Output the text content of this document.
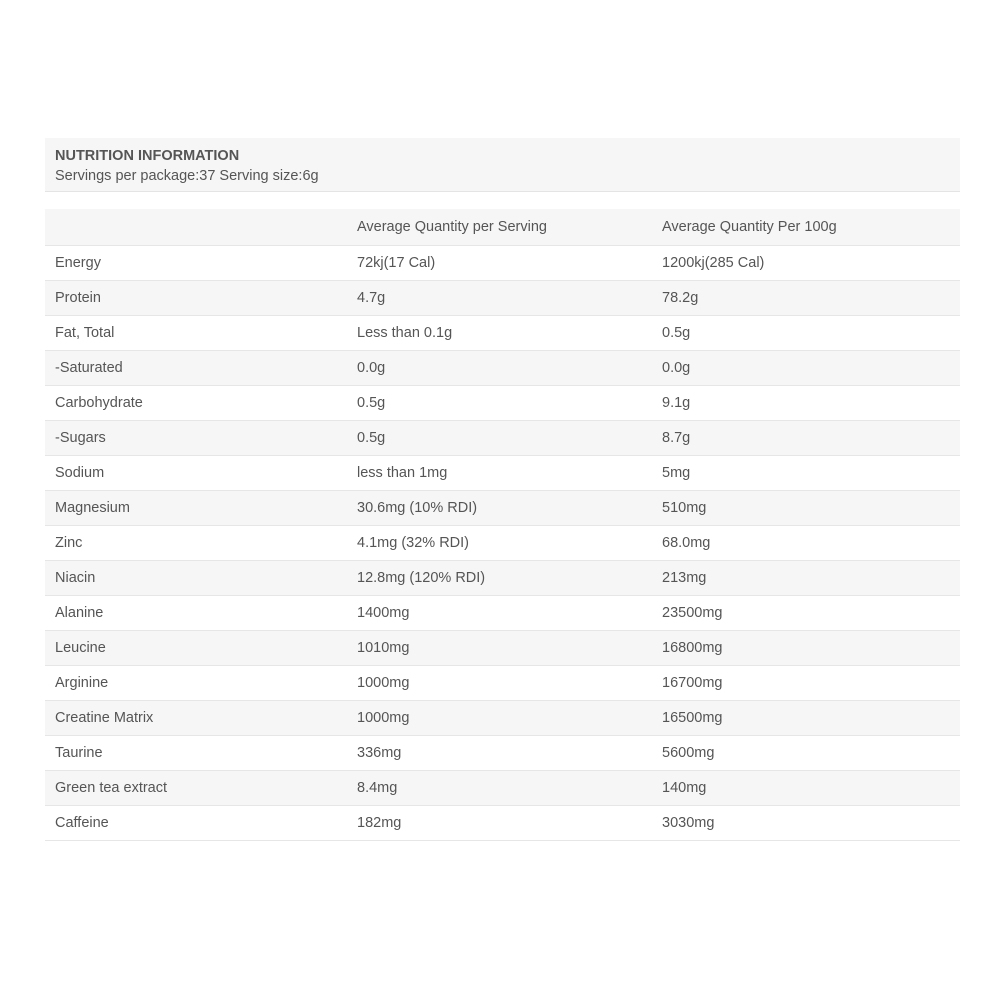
NUTRITION INFORMATION
Servings per package:37 Serving size:6g
	Average Quantity per Serving	Average Quantity Per 100g
Energy	72kj(17 Cal)	1200kj(285 Cal)
Protein	4.7g	78.2g
Fat, Total	Less than 0.1g	0.5g
-Saturated	0.0g	0.0g
Carbohydrate	0.5g	9.1g
-Sugars	0.5g	8.7g
Sodium	less than 1mg	5mg
Magnesium	30.6mg (10% RDI)	510mg
Zinc	4.1mg (32% RDI)	68.0mg
Niacin	12.8mg (120% RDI)	213mg
Alanine	1400mg	23500mg
Leucine	1010mg	16800mg
Arginine	1000mg	16700mg
Creatine Matrix	1000mg	16500mg
Taurine	336mg	5600mg
Green tea extract	8.4mg	140mg
Caffeine	182mg	3030mg
